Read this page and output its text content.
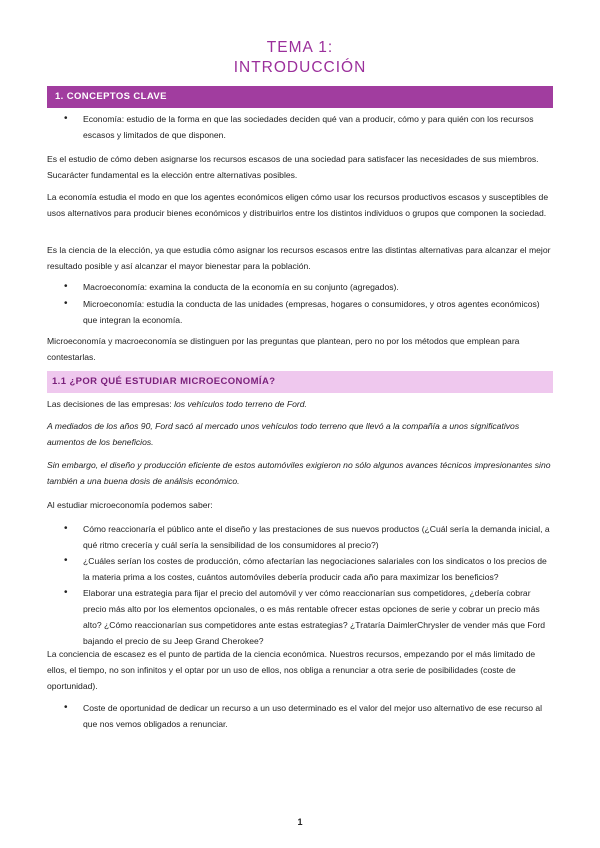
TEMA 1:
INTRODUCCIÓN
1. CONCEPTOS CLAVE
• Economía: estudio de la forma en que las sociedades deciden qué van a producir, cómo y para quién con los recursos escasos y limitados de que disponen.

Es el estudio de cómo deben asignarse los recursos escasos de una sociedad para satisfacer las necesidades de sus miembros. Sucarácter fundamental es la elección entre alternativas posibles.

La economía estudia el modo en que los agentes económicos eligen cómo usar los recursos productivos escasos y susceptibles de usos alternativos para producir bienes económicos y distribuirlos entre los distintos individuos o grupos que componen la sociedad.

Es la ciencia de la elección, ya que estudia cómo asignar los recursos escasos entre las distintas alternativas para alcanzar el mejor resultado posible y así alcanzar el mayor bienestar para la población.

• Macroeconomía: examina la conducta de la economía en su conjunto (agregados).

• Microeconomía: estudia la conducta de las unidades (empresas, hogares o consumidores, y otros agentes económicos) que integran la economía.

Microeconomía y macroeconomía se distinguen por las preguntas que plantean, pero no por los métodos que emplean para contestarlas.

1.1 ¿POR QUÉ ESTUDIAR MICROECONOMÍA?

Las decisiones de las empresas: los vehículos todo terreno de Ford.

A mediados de los años 90, Ford sacó al mercado unos vehículos todo terreno que llevó a la compañía a unos significativos aumentos de los beneficios.

Sin embargo, el diseño y producción eficiente de estos automóviles exigieron no sólo algunos avances técnicos impresionantes sino también a una buena dosis de análisis económico.

Al estudiar microeconomía podemos saber:

• Cómo reaccionaría el público ante el diseño y las prestaciones de sus nuevos productos (¿Cuál sería la demanda inicial, a qué ritmo crecería y cuál sería la sensibilidad de los consumidores al precio?)

• ¿Cuáles serían los costes de producción, cómo afectarían las negociaciones salariales con los sindicatos o los precios de la materia prima a los costes, cuántos automóviles debería producir cada año para maximizar los beneficios?

• Elaborar una estrategia para fijar el precio del automóvil y ver cómo reaccionarían sus competidores, ¿debería cobrar precio más alto por los elementos opcionales, o es más rentable ofrecer estas opciones de serie y cobrar un precio más alto? ¿Cómo reaccionarían sus competidores ante estas estrategias? ¿Trataría DaimlerChrysler de vender más que Ford bajando el precio de su Jeep Grand Cherokee?

La conciencia de escasez es el punto de partida de la ciencia económica. Nuestros recursos, empezando por el más limitado de ellos, el tiempo, no son infinitos y el optar por un uso de ellos, nos obliga a renunciar a otra serie de posibilidades (coste de oportunidad).

• Coste de oportunidad de dedicar un recurso a un uso determinado es el valor del mejor uso alternativo de ese recurso al que nos vemos obligados a renunciar.

1
